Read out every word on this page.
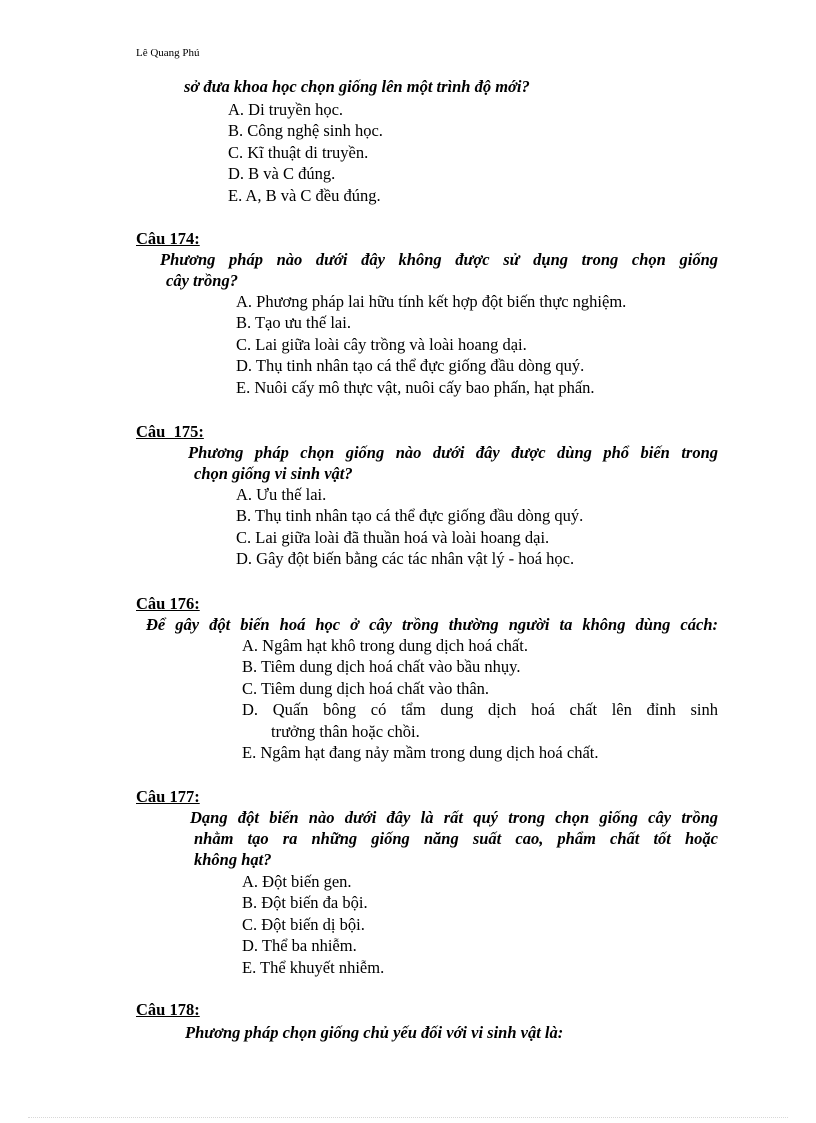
Lê Quang Phú
sở đưa khoa học chọn giống lên một trình độ mới?
A. Di truyền học.
B. Công nghệ sinh học.
C. Kĩ thuật di truyền.
D. B và C đúng.
E. A, B và C đều đúng.
Câu 174:
Phương pháp nào dưới đây không được sử dụng trong chọn giống
cây trồng?
A. Phương pháp lai hữu tính kết hợp đột biến thực nghiệm.
B. Tạo ưu thế lai.
C. Lai giữa loài cây trồng và loài hoang dại.
D. Thụ tinh nhân tạo cá thể đực giống đầu dòng quý.
E. Nuôi cấy mô thực vật, nuôi cấy bao phấn, hạt phấn.
Câu  175:
Phương pháp chọn giống nào dưới đây được dùng phổ biến trong
chọn giống vi sinh vật?
A. Ưu thế lai.
B. Thụ tinh nhân tạo cá thể đực giống đầu dòng quý.
C. Lai giữa loài đã thuần hoá và loài hoang dại.
D. Gây đột biến bằng các tác nhân vật lý - hoá học.
Câu 176:
Để gây đột biến hoá học ở cây trồng thường người ta không dùng cách:
A. Ngâm hạt khô trong dung dịch hoá chất.
B. Tiêm dung dịch hoá chất vào bầu nhụy.
C. Tiêm dung dịch hoá chất vào thân.
D. Quấn bông có tẩm dung dịch hoá chất lên đỉnh sinh
trưởng thân hoặc chồi.
E. Ngâm hạt đang nảy mầm trong dung dịch hoá chất.
Câu 177:
Dạng đột biến nào dưới đây là rất quý trong chọn giống cây trồng
nhằm tạo ra những giống năng suất cao, phẩm chất tốt hoặc
không hạt?
A. Đột biến gen.
B. Đột biến đa bội.
C. Đột biến dị bội.
D. Thể ba nhiễm.
E. Thể khuyết nhiễm.
Câu 178:
Phương pháp chọn giống chủ yếu đối với vi sinh vật là:
